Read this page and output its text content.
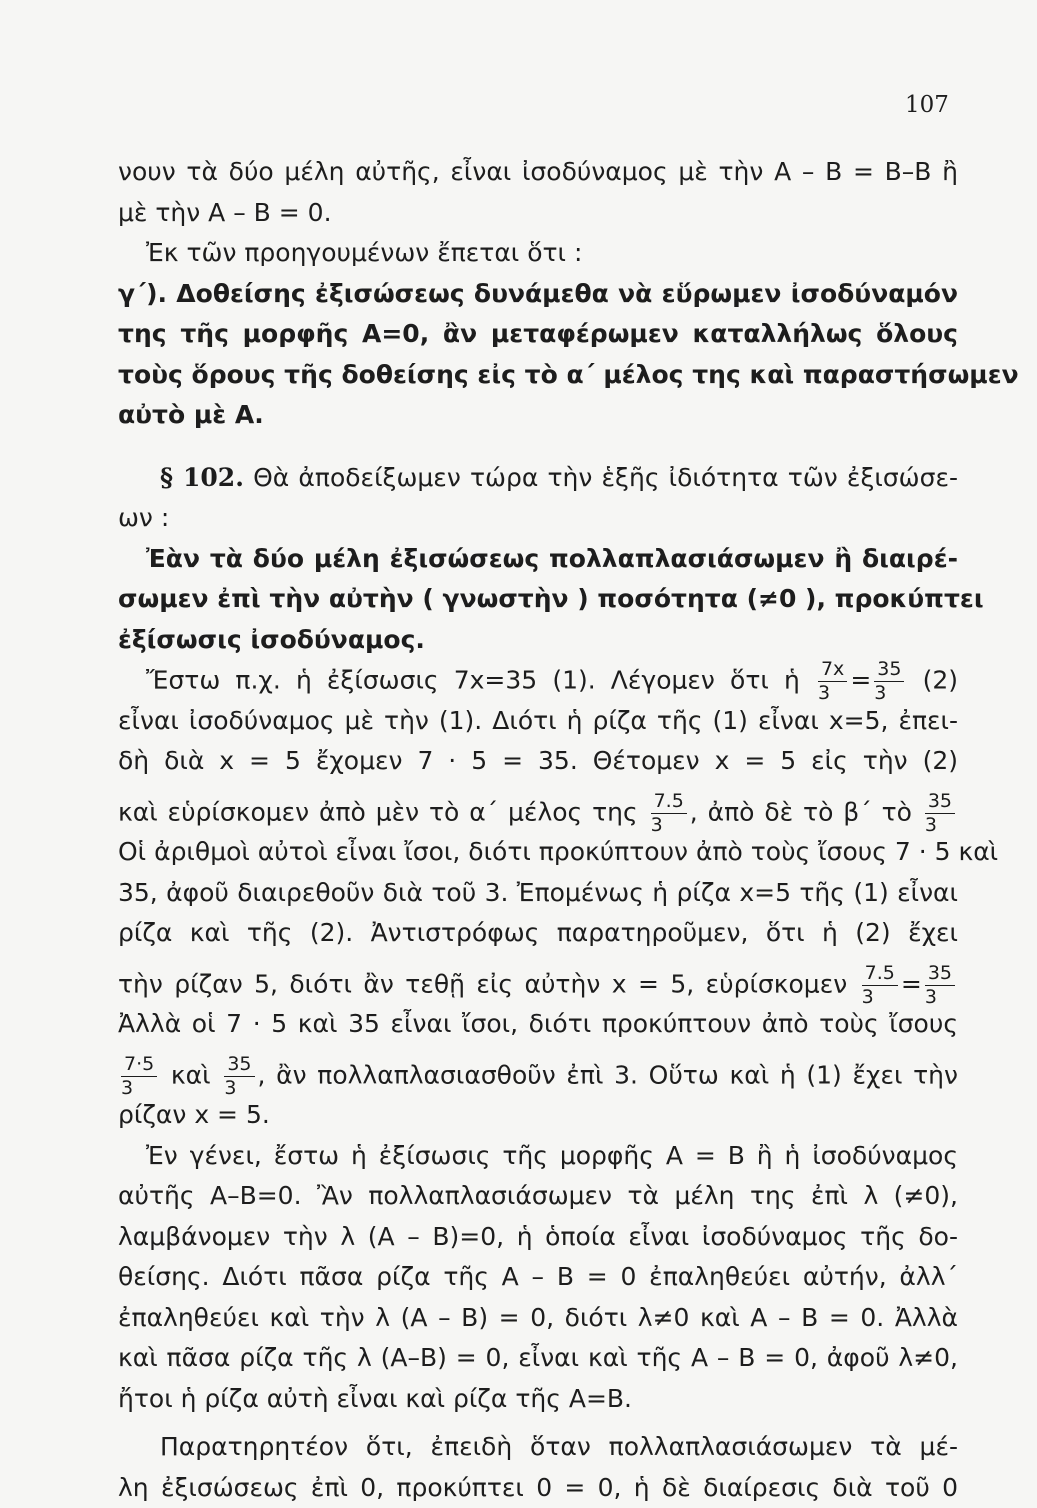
107
νουν τὰ δύο μέλη αὐτῆς, εἶναι ἰσοδύναμος μὲ τὴν Α – Β = Β–Β ἢ
μὲ τὴν Α – Β = 0.
Ἐκ τῶν προηγουμένων ἔπεται ὅτι :
γ΄). Δοθείσης ἐξισώσεως δυνάμεθα νὰ εὕρωμεν ἰσοδύναμόν
της τῆς μορφῆς Α=0, ἂν μεταφέρωμεν καταλλήλως ὅλους
τοὺς ὅρους τῆς δοθείσης εἰς τὸ α΄ μέλος της καὶ παραστήσωμεν
αὐτὸ μὲ Α.
§ 102. Θὰ ἀποδείξωμεν τώρα τὴν ἑξῆς ἰδιότητα τῶν ἐξισώσε-
ων :
Ἐὰν τὰ δύο μέλη ἐξισώσεως πολλαπλασιάσωμεν ἢ διαιρέ-
σωμεν ἐπὶ τὴν αὐτὴν ( γνωστὴν ) ποσότητα (≠0 ), προκύπτει
ἐξίσωσις ἰσοδύναμος.
Ἔστω π.χ. ἡ ἐξίσωσις 7x=35 (1). Λέγομεν ὅτι ἡ $\frac{7x}{3} = \frac{35}{3} (2)$
εἶναι ἰσοδύναμος μὲ τὴν (1). Διότι ἡ ρίζα τῆς (1) εἶναι x=5, ἐπει-
δὴ διὰ x = 5 ἔχομεν 7 · 5 = 35. Θέτομεν x = 5 εἰς τὴν (2)
καὶ εὑρίσκομεν ἀπὸ μὲν τὸ α΄ μέλος της $\frac{7.5}{3}$ , ἀπὸ δὲ τὸ β΄ τὸ $\frac{35}{3}$
Οἱ ἀριθμοὶ αὐτοὶ εἶναι ἴσοι, διότι προκύπτουν ἀπὸ τοὺς ἴσους 7 · 5 καὶ
35, ἀφοῦ διαιρεθοῦν διὰ τοῦ 3. Ἐπομένως ἡ ρίζα x=5 τῆς (1) εἶναι
ρίζα καὶ τῆς (2). Ἀντιστρόφως παρατηροῦμεν, ὅτι ἡ (2) ἔχει
τὴν ρίζαν 5, διότι ἂν τεθῇ εἰς αὐτὴν x = 5, εὑρίσκομεν $\frac{7.5}{3} = \frac{35}{3}$
Ἀλλὰ οἱ 7 · 5 καὶ 35 εἶναι ἴσοι, διότι προκύπτουν ἀπὸ τοὺς ἴσους
$\frac{7\cdot 5}{3}$ καὶ $\frac{35}{3}$ , ἂν πολλαπλασιασθοῦν ἐπὶ 3. Οὕτω καὶ ἡ (1) ἔχει τὴν
ρίζαν x = 5.
Ἐν γένει, ἔστω ἡ ἐξίσωσις τῆς μορφῆς Α = Β ἢ ἡ ἰσοδύναμος
αὐτῆς Α–Β=0. Ἂν πολλαπλασιάσωμεν τὰ μέλη της ἐπὶ λ (≠0),
λαμβάνομεν τὴν λ (Α – Β)=0, ἡ ὁποία εἶναι ἰσοδύναμος τῆς δο-
θείσης. Διότι πᾶσα ρίζα τῆς Α – Β = 0 ἐπαληθεύει αὐτήν, ἀλλ΄
ἐπαληθεύει καὶ τὴν λ (Α – Β) = 0, διότι λ≠0 καὶ Α – Β = 0. Ἀλλὰ
καὶ πᾶσα ρίζα τῆς λ (Α–Β) = 0, εἶναι καὶ τῆς Α – Β = 0, ἀφοῦ λ≠0,
ἤτοι ἡ ρίζα αὐτὴ εἶναι καὶ ρίζα τῆς Α=Β.
Παρατηρητέον ὅτι, ἐπειδὴ ὅταν πολλαπλασιάσωμεν τὰ μέ-
λη ἐξισώσεως ἐπὶ 0, προκύπτει 0 = 0, ἡ δὲ διαίρεσις διὰ τοῦ 0
